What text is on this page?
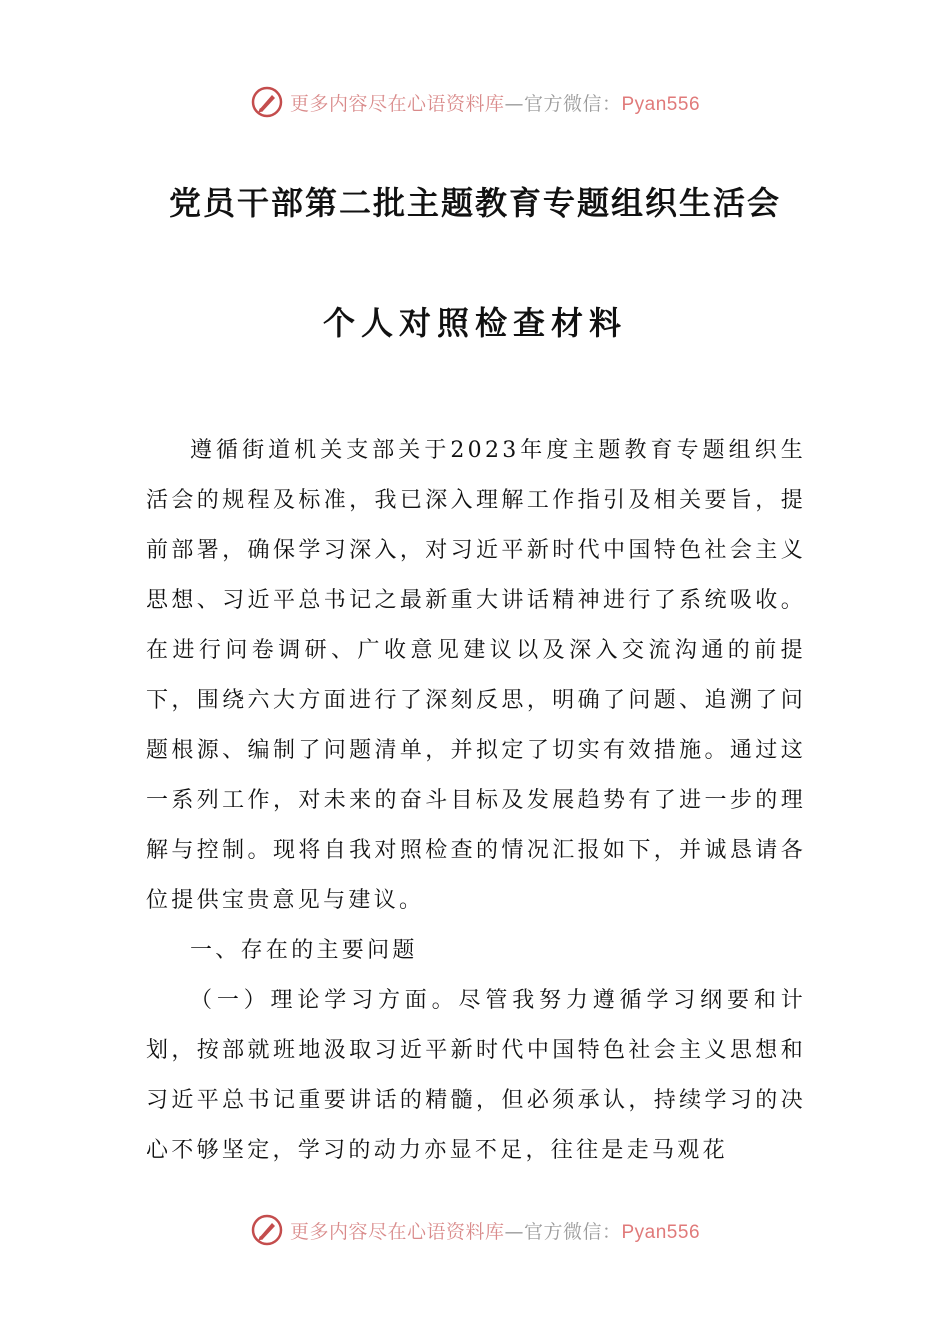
更多内容尽在心语资料库—官方微信：Pyan556
党员干部第二批主题教育专题组织生活会
个人对照检查材料

遵循街道机关支部关于2023年度主题教育专题组织生活会的规程及标准，我已深入理解工作指引及相关要旨，提前部署，确保学习深入，对习近平新时代中国特色社会主义思想、习近平总书记之最新重大讲话精神进行了系统吸收。在进行问卷调研、广收意见建议以及深入交流沟通的前提下，围绕六大方面进行了深刻反思，明确了问题、追溯了问题根源、编制了问题清单，并拟定了切实有效措施。通过这一系列工作，对未来的奋斗目标及发展趋势有了进一步的理解与控制。现将自我对照检查的情况汇报如下，并诚恳请各位提供宝贵意见与建议。

一、存在的主要问题

（一）理论学习方面。尽管我努力遵循学习纲要和计划，按部就班地汲取习近平新时代中国特色社会主义思想和习近平总书记重要讲话的精髓，但必须承认，持续学习的决心不够坚定，学习的动力亦显不足，往往是走马观花

更多内容尽在心语资料库—官方微信：Pyan556
